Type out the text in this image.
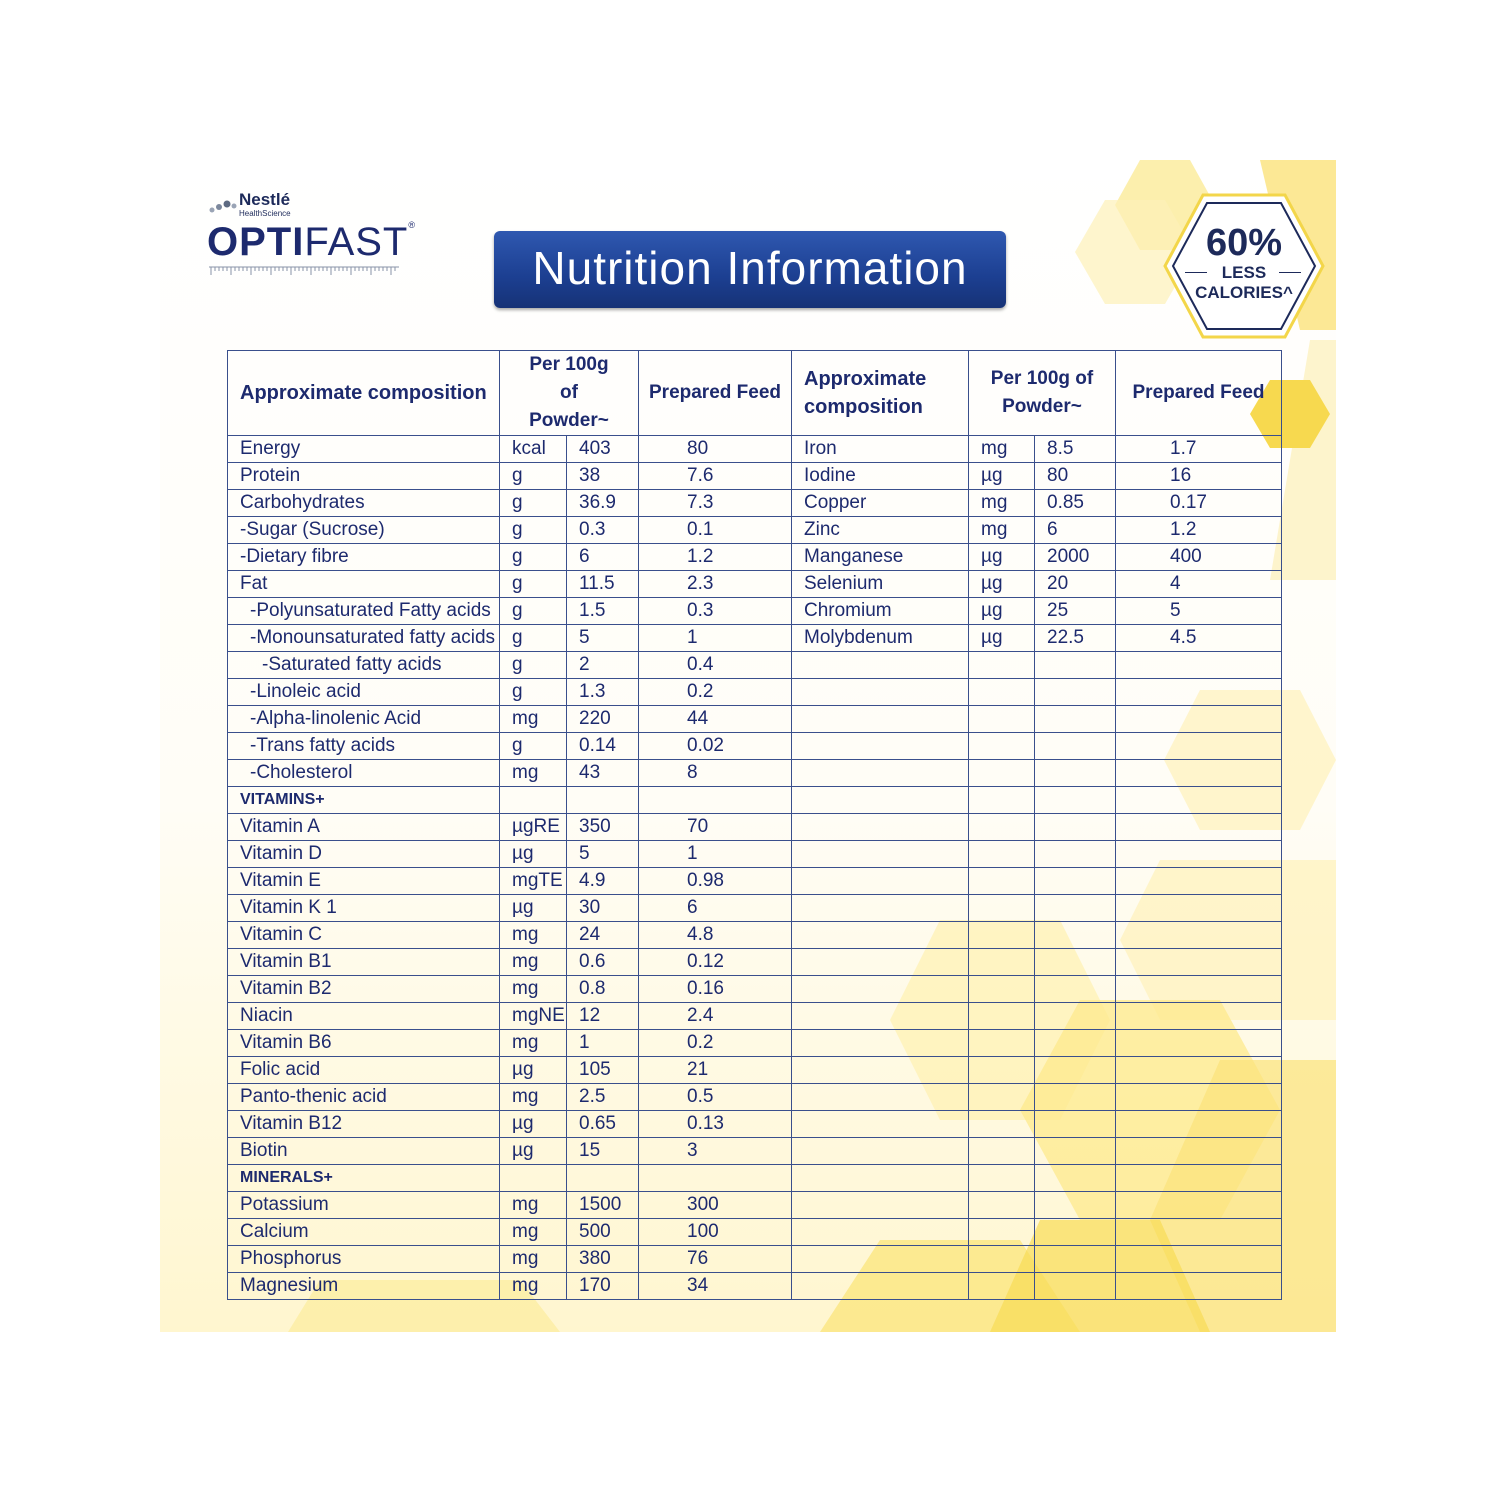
Nestlé
HealthScience
OPTIFAST®
Nutrition Information	60%
LESS
CALORIES^
Approximate composition	Per 100g of Powder~		Prepared Feed	Approximate composition	Per 100g of Powder~		Prepared Feed
Energy	kcal	403	80	Iron	mg	8.5	1.7
Protein	g	38	7.6	Iodine	µg	80	16
Carbohydrates	g	36.9	7.3	Copper	mg	0.85	0.17
-Sugar (Sucrose)	g	0.3	0.1	Zinc	mg	6	1.2
-Dietary fibre	g	6	1.2	Manganese	µg	2000	400
Fat	g	11.5	2.3	Selenium	µg	20	4
-Polyunsaturated Fatty acids	g	1.5	0.3	Chromium	µg	25	5
-Monounsaturated fatty acids	g	5	1	Molybdenum	µg	22.5	4.5
-Saturated fatty acids	g	2	0.4				
-Linoleic acid	g	1.3	0.2				
-Alpha-linolenic Acid	mg	220	44				
-Trans fatty acids	g	0.14	0.02				
-Cholesterol	mg	43	8				
VITAMINS+							
Vitamin A	µgRE	350	70				
Vitamin D	µg	5	1				
Vitamin E	mgTE	4.9	0.98				
Vitamin K 1	µg	30	6				
Vitamin C	mg	24	4.8				
Vitamin B1	mg	0.6	0.12				
Vitamin B2	mg	0.8	0.16				
Niacin	mgNE	12	2.4				
Vitamin B6	mg	1	0.2				
Folic acid	µg	105	21				
Panto-thenic acid	mg	2.5	0.5				
Vitamin B12	µg	0.65	0.13				
Biotin	µg	15	3				
MINERALS+							
Potassium	mg	1500	300				
Calcium	mg	500	100				
Phosphorus	mg	380	76				
Magnesium	mg	170	34				
